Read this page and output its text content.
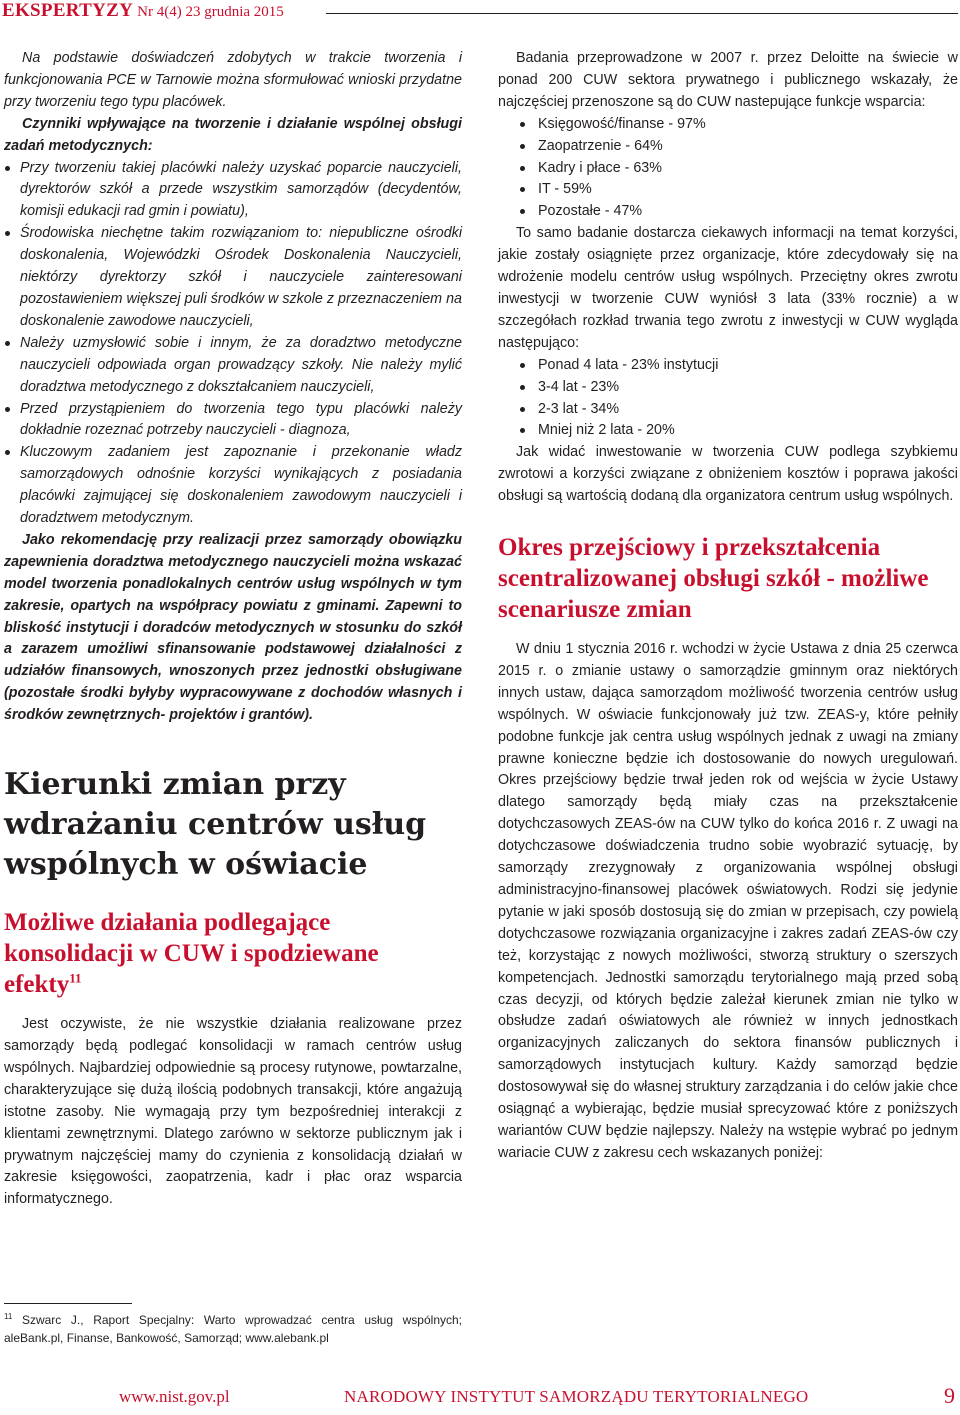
EKSPERTYZY Nr 4(4) 23 grudnia 2015

Na podstawie doświadczeń zdobytych w trakcie tworzenia i funkcjonowania PCE w Tarnowie można sformułować wnioski przydatne przy tworzeniu tego typu placówek.

Czynniki wpływające na tworzenie i działanie wspólnej obsługi zadań metodycznych:

Przy tworzeniu takiej placówki należy uzyskać poparcie nauczycieli, dyrektorów szkół a przede wszystkim samorządów (decydentów, komisji edukacji rad gmin i powiatu),
Środowiska niechętne takim rozwiązaniom to: niepubliczne ośrodki doskonalenia, Wojewódzki Ośrodek Doskonalenia Nauczycieli, niektórzy dyrektorzy szkół i nauczyciele zainteresowani pozostawieniem większej puli środków w szkole z przeznaczeniem na doskonalenie zawodowe nauczycieli,
Należy uzmysłowić sobie i innym, że za doradztwo metodyczne nauczycieli odpowiada organ prowadzący szkoły. Nie należy mylić doradztwa metodycznego z dokształcaniem nauczycieli,
Przed przystąpieniem do tworzenia tego typu placówki należy dokładnie rozeznać potrzeby nauczycieli - diagnoza,
Kluczowym zadaniem jest zapoznanie i przekonanie władz samorządowych odnośnie korzyści wynikających z posiadania placówki zajmującej się doskonaleniem zawodowym nauczycieli i doradztwem metodycznym.

Jako rekomendację przy realizacji przez samorządy obowiązku zapewnienia doradztwa metodycznego nauczycieli można wskazać model tworzenia ponadlokalnych centrów usług wspólnych w tym zakresie, opartych na współpracy powiatu z gminami. Zapewni to bliskość instytucji i doradców metodycznych w stosunku do szkół a zarazem umożliwi sfinansowanie podstawowej działalności z udziałów finansowych, wnoszonych przez jednostki obsługiwane (pozostałe środki byłyby wypracowywane z dochodów własnych i środków zewnętrznych- projektów i grantów).

Kierunki zmian przy wdrażaniu centrów usług wspólnych w oświacie
Możliwe działania podlegające konsolidacji w CUW i spodziewane efekty$^{11}$

Jest oczywiste, że nie wszystkie działania realizowane przez samorządy będą podlegać konsolidacji w ramach centrów usług wspólnych. Najbardziej odpowiednie są procesy rutynowe, powtarzalne, charakteryzujące się dużą ilością podobnych transakcji, które angażują istotne zasoby. Nie wymagają przy tym bezpośredniej interakcji z klientami zewnętrznymi. Dlatego zarówno w sektorze publicznym jak i prywatnym najczęściej mamy do czynienia z konsolidacją działań w zakresie księgowości, zaopatrzenia, kadr i płac oraz wsparcia informatycznego.

$^{11}$ Szwarc J., Raport Specjalny: Warto wprowadzać centra usług wspólnych; aleBank.pl, Finanse, Bankowość, Samorząd; www.alebank.pl

Badania przeprowadzone w 2007 r. przez Deloitte na świecie w ponad 200 CUW sektora prywatnego i publicznego wskazały, że najczęściej przenoszone są do CUW nastepujące funkcje wsparcia:

Księgowość/finanse - 97%
Zaopatrzenie - 64%
Kadry i płace - 63%
IT - 59%
Pozostałe - 47%

To samo badanie dostarcza ciekawych informacji na temat korzyści, jakie zostały osiągnięte przez organizacje, które zdecydowały się na wdrożenie modelu centrów usług wspólnych. Przeciętny okres zwrotu inwestycji w tworzenie CUW wyniósł 3 lata (33% rocznie) a w szczegółach rozkład trwania tego zwrotu z inwestycji w CUW wygląda następująco:

Ponad 4 lata - 23% instytucji
3-4 lat - 23%
2-3 lat - 34%
Mniej niż 2 lata - 20%

Jak widać inwestowanie w tworzenia CUW podlega szybkiemu zwrotowi a korzyści związane z obniżeniem kosztów i poprawa jakości obsługi są wartością dodaną dla organizatora centrum usług wspólnych.

Okres przejściowy i przekształcenia scentralizowanej obsługi szkół - możliwe scenariusze zmian

W dniu 1 stycznia 2016 r. wchodzi w życie Ustawa z dnia 25 czerwca 2015 r. o zmianie ustawy o samorządzie gminnym oraz niektórych innych ustaw, dająca samorządom możliwość tworzenia centrów usług wspólnych. W oświacie funkcjonowały już tzw. ZEAS-y, które pełniły podobne funkcje jak centra usług wspólnych jednak z uwagi na zmiany prawne konieczne będzie ich dostosowanie do nowych uregulowań. Okres przejściowy będzie trwał jeden rok od wejścia w życie Ustawy dlatego samorządy będą miały czas na przekształcenie dotychczasowych ZEAS-ów na CUW tylko do końca 2016 r. Z uwagi na dotychczasowe doświadczenia trudno sobie wyobrazić sytuację, by samorządy zrezygnowały z organizowania wspólnej obsługi administracyjno-finansowej placówek oświatowych. Rodzi się jedynie pytanie w jaki sposób dostosują się do zmian w przepisach, czy powielą dotychczasowe rozwiązania organizacyjne i zakres zadań ZEAS-ów czy też, korzystając z nowych możliwości, stworzą struktury o szerszych kompetencjach. Jednostki samorządu terytorialnego mają przed sobą czas decyzji, od których będzie zależał kierunek zmian nie tylko w obsłudze zadań oświatowych ale również w innych jednostkach organizacyjnych zaliczanych do sektora finansów publicznych i samorządowych instytucjach kultury. Każdy samorząd będzie dostosowywał się do własnej struktury zarządzania i do celów jakie chce osiągnąć a wybierając, będzie musiał sprecyzować które z poniższych wariantów CUW będzie najlepszy. Należy na wstępie wybrać po jednym wariacie CUW z zakresu cech wskazanych poniżej:

www.nist.gov.pl	NARODOWY INSTYTUT SAMORZĄDU TERYTORIALNEGO	9
